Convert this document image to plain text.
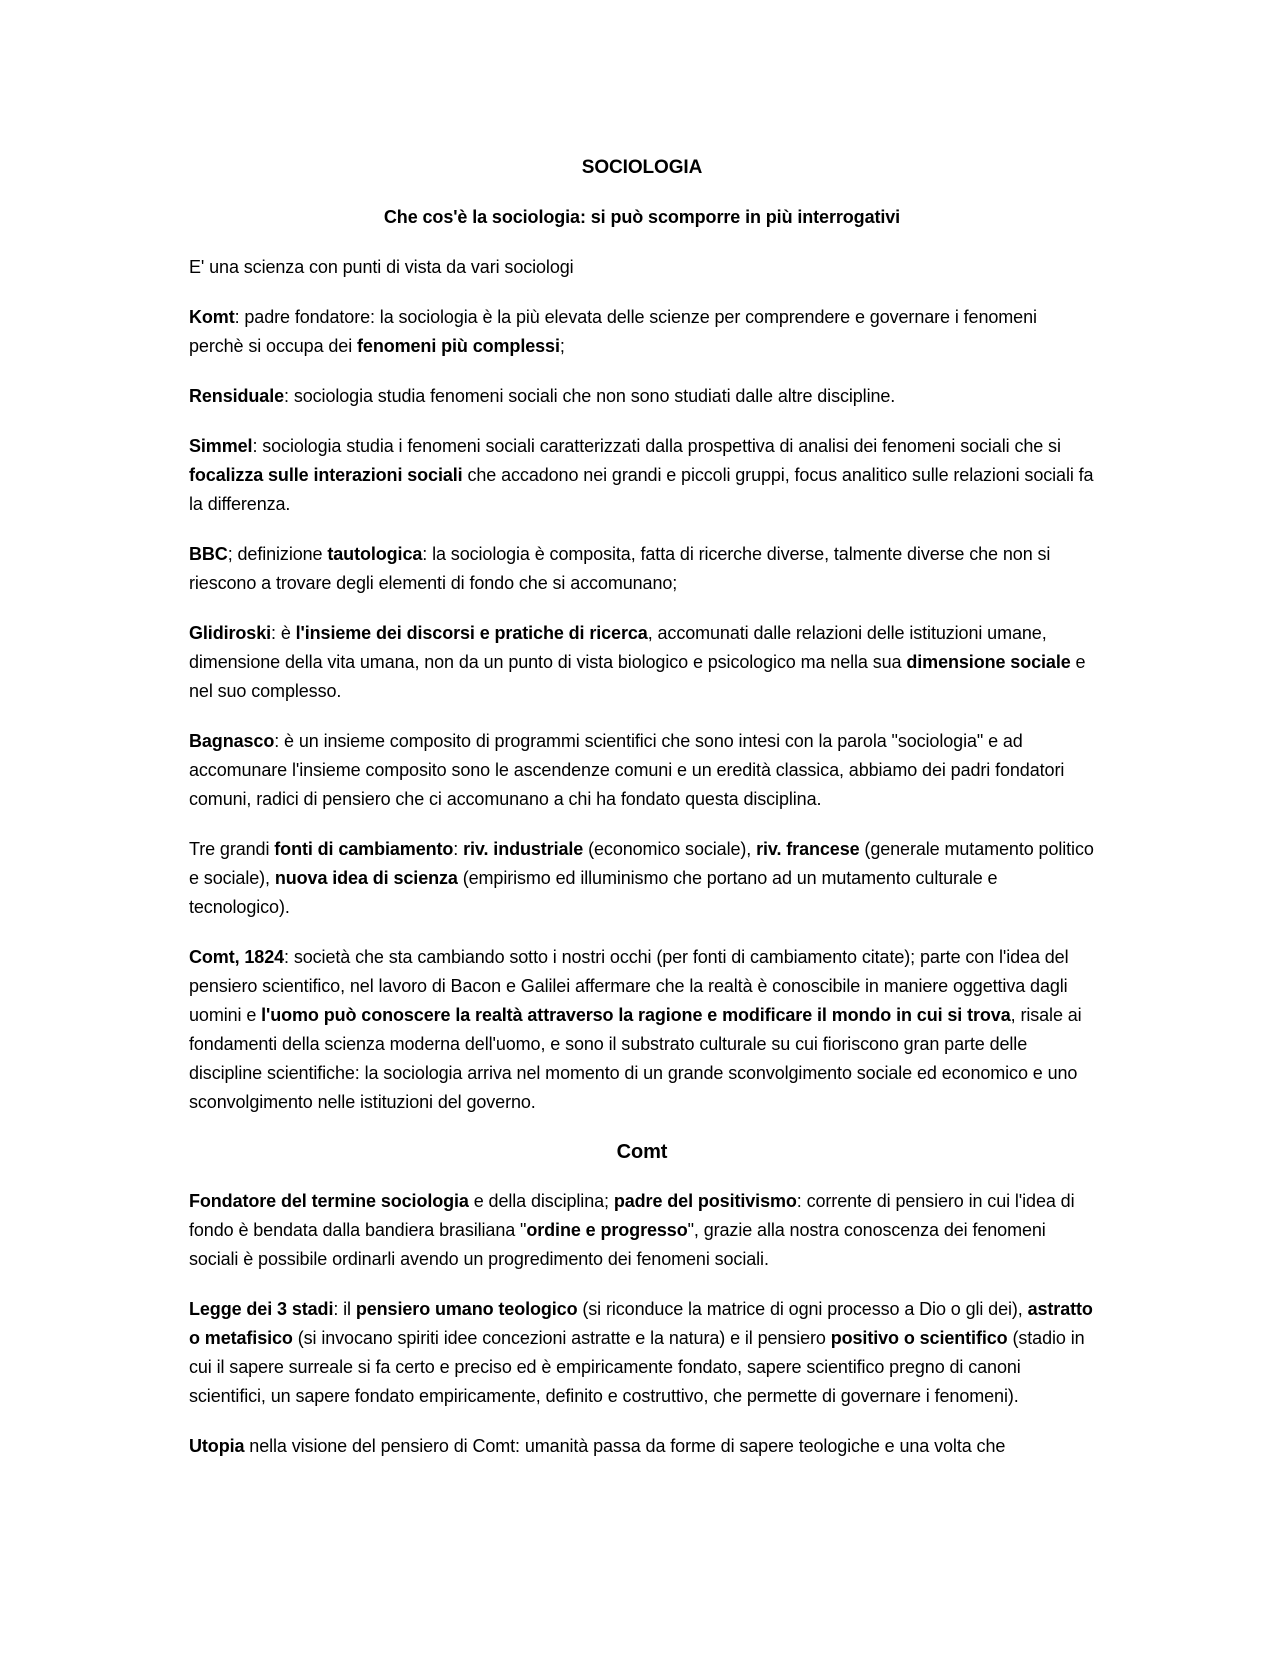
SOCIOLOGIA
Che cos'è la sociologia: si può scomporre in più interrogativi

E' una scienza con punti di vista da vari sociologi

Komt: padre fondatore: la sociologia è la più elevata delle scienze per comprendere e governare i fenomeni perchè si occupa dei fenomeni più complessi;

Rensiduale: sociologia studia fenomeni sociali che non sono studiati dalle altre discipline.

Simmel: sociologia studia i fenomeni sociali caratterizzati dalla prospettiva di analisi dei fenomeni sociali che si focalizza sulle interazioni sociali che accadono nei grandi e piccoli gruppi, focus analitico sulle relazioni sociali fa la differenza.

BBC; definizione tautologica: la sociologia è composita, fatta di ricerche diverse, talmente diverse che non si riescono a trovare degli elementi di fondo che si accomunano;

Glidiroski: è l'insieme dei discorsi e pratiche di ricerca, accomunati dalle relazioni delle istituzioni umane, dimensione della vita umana, non da un punto di vista biologico e psicologico ma nella sua dimensione sociale e nel suo complesso.

Bagnasco: è un insieme composito di programmi scientifici che sono intesi con la parola "sociologia" e ad accomunare l'insieme composito sono le ascendenze comuni e un eredità classica, abbiamo dei padri fondatori comuni, radici di pensiero che ci accomunano a chi ha fondato questa disciplina.

Tre grandi fonti di cambiamento: riv. industriale (economico sociale), riv. francese (generale mutamento politico e sociale), nuova idea di scienza (empirismo ed illuminismo che portano ad un mutamento culturale e tecnologico).

Comt, 1824: società che sta cambiando sotto i nostri occhi (per fonti di cambiamento citate); parte con l'idea del pensiero scientifico, nel lavoro di Bacon e Galilei affermare che la realtà è conoscibile in maniere oggettiva dagli uomini e l'uomo può conoscere la realtà attraverso la ragione e modificare il mondo in cui si trova, risale ai fondamenti della scienza moderna dell'uomo, e sono il substrato culturale su cui fioriscono gran parte delle discipline scientifiche: la sociologia arriva nel momento di un grande sconvolgimento sociale ed economico e uno sconvolgimento nelle istituzioni del governo.

Comt

Fondatore del termine sociologia e della disciplina; padre del positivismo: corrente di pensiero in cui l'idea di fondo è bendata dalla bandiera brasiliana "ordine e progresso", grazie alla nostra conoscenza dei fenomeni sociali è possibile ordinarli avendo un progredimento dei fenomeni sociali.

Legge dei 3 stadi: il pensiero umano teologico (si riconduce la matrice di ogni processo a Dio o gli dei), astratto o metafisico (si invocano spiriti idee concezioni astratte e la natura) e il pensiero positivo o scientifico (stadio in cui il sapere surreale si fa certo e preciso ed è empiricamente fondato, sapere scientifico pregno di canoni scientifici, un sapere fondato empiricamente, definito e costruttivo, che permette di governare i fenomeni).

Utopia nella visione del pensiero di Comt: umanità passa da forme di sapere teologiche e una volta che
